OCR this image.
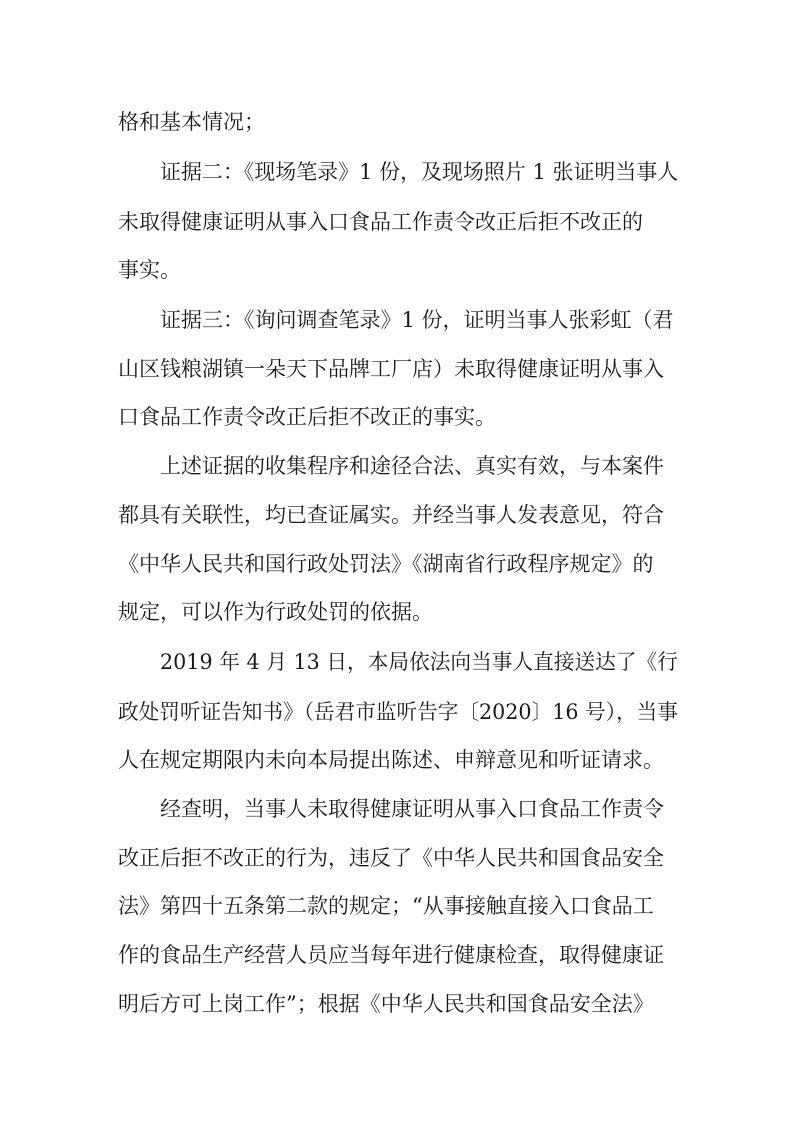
格和基本情况；

证据二：《现场笔录》1 份，及现场照片 1 张证明当事人

未取得健康证明从事入口食品工作责令改正后拒不改正的

事实。

证据三：《询问调查笔录》1 份，证明当事人张彩虹（君

山区钱粮湖镇一朵天下品牌工厂店）未取得健康证明从事入

口食品工作责令改正后拒不改正的事实。

上述证据的收集程序和途径合法、真实有效，与本案件

都具有关联性，均已查证属实。并经当事人发表意见，符合

《中华人民共和国行政处罚法》《湖南省行政程序规定》的

规定，可以作为行政处罚的依据。

2019 年 4 月 13 日，本局依法向当事人直接送达了《行

政处罚听证告知书》（岳君市监听告字〔2020〕16 号），当事

人在规定期限内未向本局提出陈述、申辩意见和听证请求。

经查明，当事人未取得健康证明从事入口食品工作责令

改正后拒不改正的行为，违反了《中华人民共和国食品安全

法》第四十五条第二款的规定；“从事接触直接入口食品工

作的食品生产经营人员应当每年进行健康检查，取得健康证

明后方可上岗工作”；根据《中华人民共和国食品安全法》
